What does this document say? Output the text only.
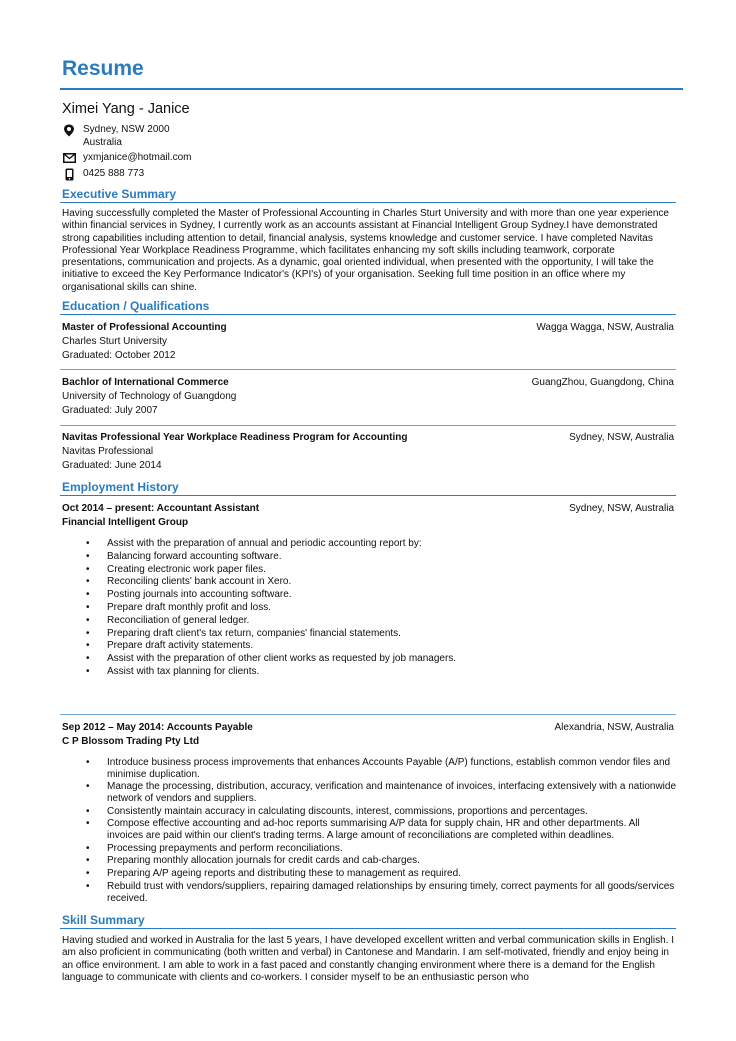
Resume
Ximei Yang - Janice
Sydney, NSW 2000
Australia
yxmjanice@hotmail.com
0425 888 773
Executive Summary
Having successfully completed the Master of Professional Accounting in Charles Sturt University and with more than one year experience within financial services in Sydney, I currently work as an accounts assistant at Financial Intelligent Group Sydney.I have demonstrated strong capabilities including attention to detail, financial analysis, systems knowledge and customer service. I have completed Navitas Professional Year Workplace Readiness Programme, which facilitates enhancing my soft skills including teamwork, corporate presentations, communication and projects. As a dynamic, goal oriented individual, when presented with the opportunity, I will take the initiative to exceed the Key Performance Indicator's (KPI's) of your organisation. Seeking full time position in an office where my organisational skills can shine.
Education / Qualifications
Master of Professional Accounting	Wagga Wagga, NSW, Australia
Charles Sturt University
Graduated: October 2012
Bachlor of International Commerce	GuangZhou, Guangdong, China
University of Technology of Guangdong
Graduated: July 2007
Navitas Professional Year Workplace Readiness Program for Accounting	Sydney, NSW, Australia
Navitas Professional
Graduated: June 2014
Employment History
Oct 2014 – present: Accountant Assistant	Sydney, NSW, Australia
Financial Intelligent Group
• Assist with the preparation of annual and periodic accounting report by:
• Balancing forward accounting software.
• Creating electronic work paper files.
• Reconciling clients' bank account in Xero.
• Posting journals into accounting software.
• Prepare draft monthly profit and loss.
• Reconciliation of general ledger.
• Preparing draft client's tax return, companies' financial statements.
• Prepare draft activity statements.
• Assist with the preparation of other client works as requested by job managers.
• Assist with tax planning for clients.
Sep 2012 – May 2014: Accounts Payable	Alexandria, NSW, Australia
C P Blossom Trading Pty Ltd
• Introduce business process improvements that enhances Accounts Payable (A/P) functions, establish common vendor files and minimise duplication.
• Manage the processing, distribution, accuracy, verification and maintenance of invoices, interfacing extensively with a nationwide network of vendors and suppliers.
• Consistently maintain accuracy in calculating discounts, interest, commissions, proportions and percentages.
• Compose effective accounting and ad-hoc reports summarising A/P data for supply chain, HR and other departments. All invoices are paid within our client's trading terms. A large amount of reconciliations are completed within deadlines.
• Processing prepayments and perform reconciliations.
• Preparing monthly allocation journals for credit cards and cab-charges.
• Preparing A/P ageing reports and distributing these to management as required.
• Rebuild trust with vendors/suppliers, repairing damaged relationships by ensuring timely, correct payments for all goods/services received.
Skill Summary
Having studied and worked in Australia for the last 5 years, I have developed excellent written and verbal communication skills in English. I am also proficient in communicating (both written and verbal) in Cantonese and Mandarin. I am self-motivated, friendly and enjoy being in an office environment. I am able to work in a fast paced and constantly changing environment where there is a demand for the English language to communicate with clients and co-workers. I consider myself to be an enthusiastic person who
